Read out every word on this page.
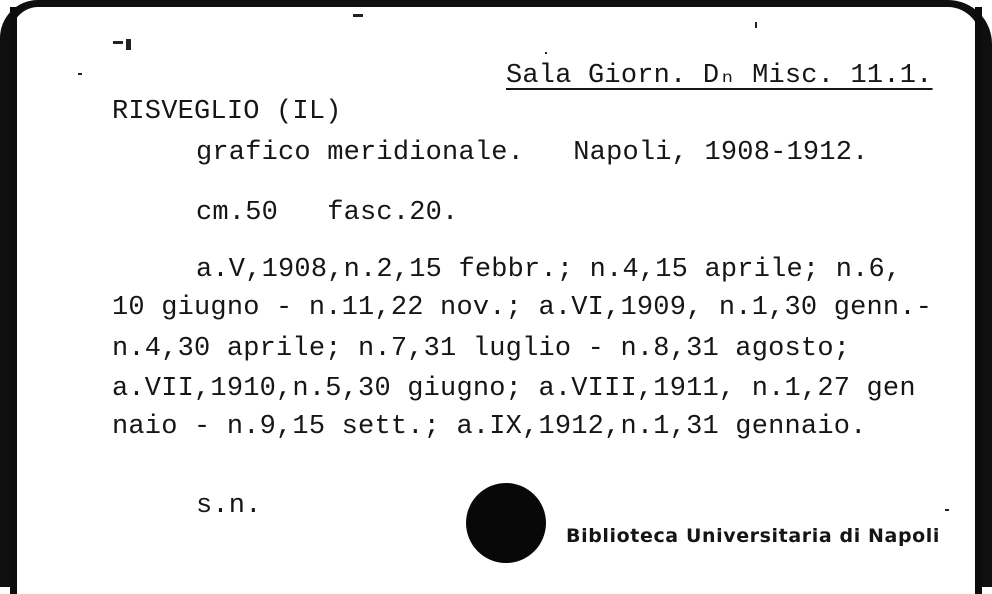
Sala Giorn. Dₙ Misc. 11.1.
RISVEGLIO (IL)
grafico meridionale.   Napoli, 1908-1912.
cm.50   fasc.20.
a.V,1908,n.2,15 febbr.; n.4,15 aprile; n.6,
10 giugno - n.11,22 nov.; a.VI,1909, n.1,30 genn.-
n.4,30 aprile; n.7,31 luglio - n.8,31 agosto;
a.VII,1910,n.5,30 giugno; a.VIII,1911, n.1,27 gen
naio - n.9,15 sett.; a.IX,1912,n.1,31 gennaio.
s.n.
Biblioteca Universitaria di Napoli
